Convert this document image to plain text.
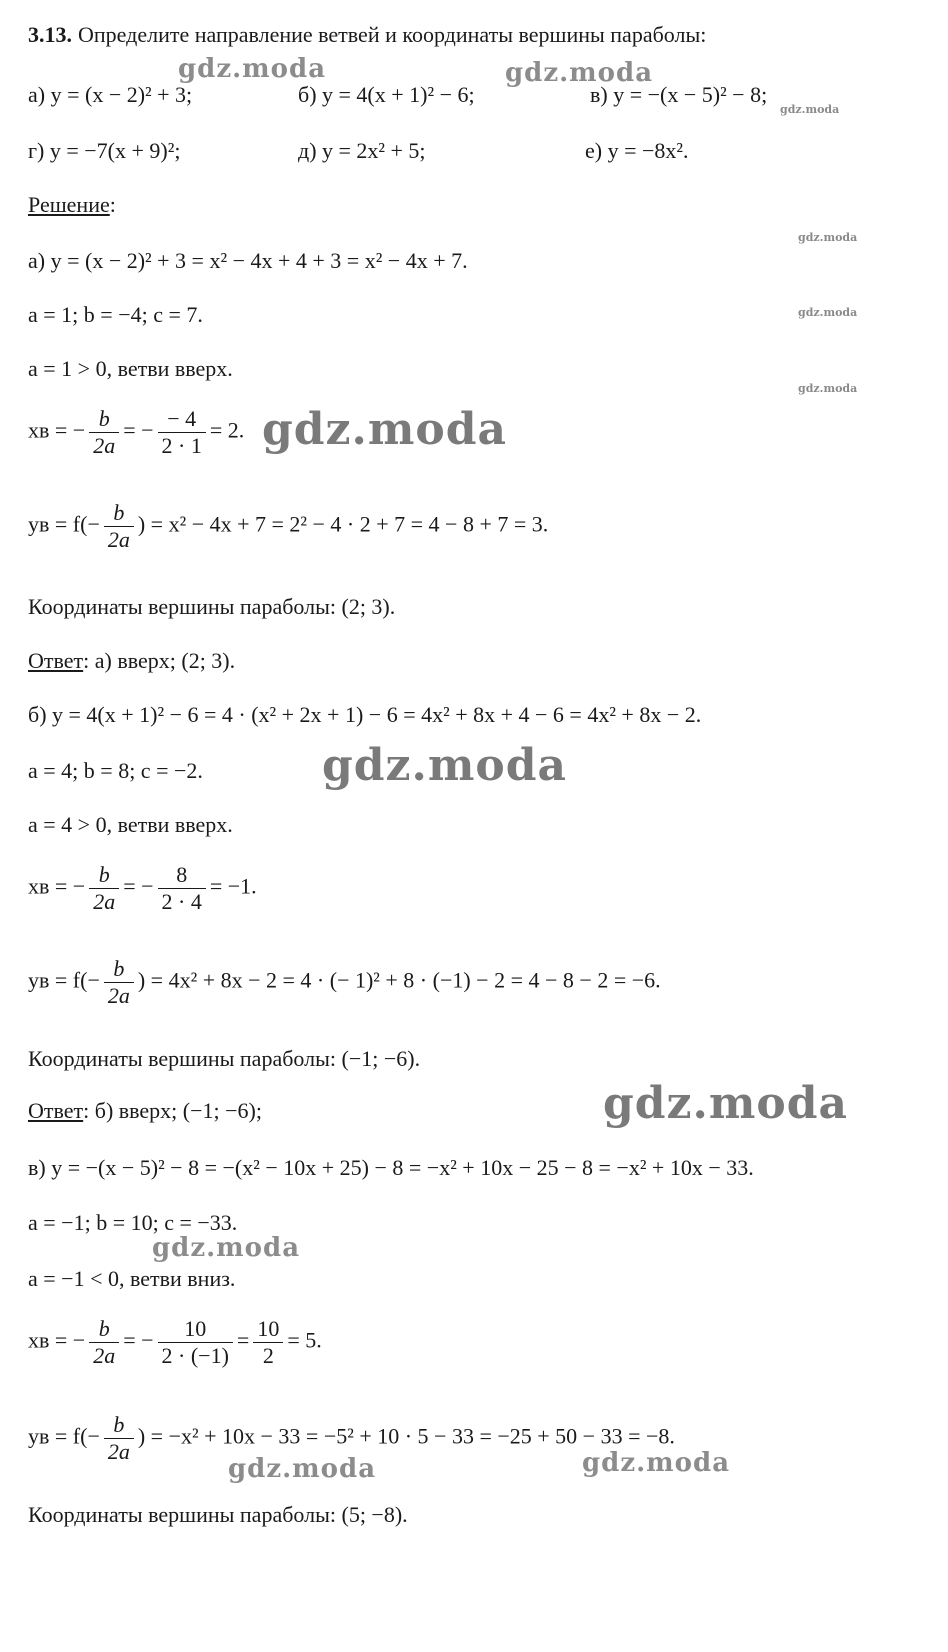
3.13. Определите направление ветвей и координаты вершины параболы:
а) y = (x − 2)² + 3;	б) y = 4(x + 1)² − 6;	в) y = −(x − 5)² − 8;
г) y = −7(x + 9)²;	д) y = 2x² + 5;	е) y = −8x².
Решение:
а) y = (x − 2)² + 3 = x² − 4x + 4 + 3 = x² − 4x + 7.
a = 1; b = −4; c = 7.
a = 1 > 0, ветви вверх.
xв = − $\frac{b}{2a}$ = − $\frac{- 4}{2 \cdot 1} = 2$.
yв = $f(- \frac{b}{2a}$ ) = x² − 4x + 7 = 2² − 4 · 2 + 7 = 4 − 8 + 7 = 3.
Координаты вершины параболы: (2; 3).
Ответ: а) вверх; (2; 3).
б) y = 4(x + 1)² − 6 = 4 · (x² + 2x + 1) − 6 = 4x² + 8x + 4 − 6 = 4x² + 8x − 2.
a = 4; b = 8; c = −2.
a = 4 > 0, ветви вверх.
xв = − $\frac{b}{2a}$ = − $\frac{8}{2 \cdot 4} = -1$.
yв = $f(- \frac{b}{2a}$ ) = 4x² + 8x − 2 = 4 · (− 1)² + 8 · (−1) − 2 = 4 − 8 − 2 = −6.
Координаты вершины параболы: (−1; −6).
Ответ: б) вверх; (−1; −6);
в) y = −(x − 5)² − 8 = −(x² − 10x + 25) − 8 = −x² + 10x − 25 − 8 = −x² + 10x − 33.
a = −1; b = 10; c = −33.
a = −1 < 0, ветви вниз.
xв = − $\frac{b}{2a}$ = − $\frac{10}{2 \cdot (-1)} = \frac{10}{2} = 5$.
yв = $f(- \frac{b}{2a}$ ) = −x² + 10x − 33 = −5² + 10 · 5 − 33 = −25 + 50 − 33 = −8.
Координаты вершины параболы: (5; −8).
gdz.moda	gdz.moda
gdz.moda
gdz.moda
gdz.moda
gdz.moda
gdz.moda
gdz.moda
gdz.moda
gdz.moda
gdz.moda	gdz.moda
